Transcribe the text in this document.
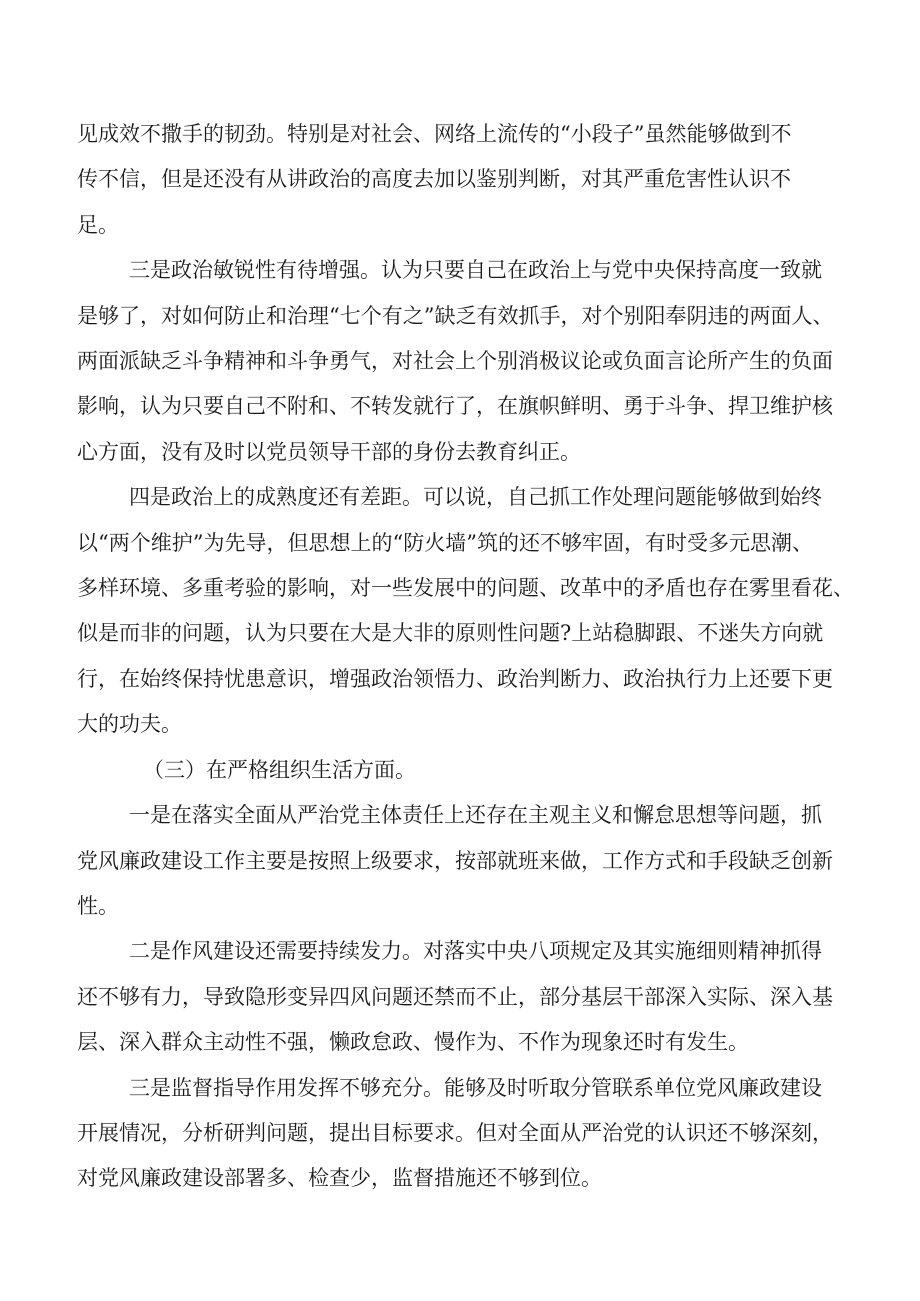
见成效不撒手的韧劲。特别是对社会、网络上流传的“小段子”虽然能够做到不
传不信，但是还没有从讲政治的高度去加以鉴别判断，对其严重危害性认识不
足。
三是政治敏锐性有待增强。认为只要自己在政治上与党中央保持高度一致就
是够了，对如何防止和治理“七个有之”缺乏有效抓手，对个别阳奉阴违的两面人、
两面派缺乏斗争精神和斗争勇气，对社会上个别消极议论或负面言论所产生的负面
影响，认为只要自己不附和、不转发就行了，在旗帜鲜明、勇于斗争、捍卫维护核
心方面，没有及时以党员领导干部的身份去教育纠正。
四是政治上的成熟度还有差距。可以说，自己抓工作处理问题能够做到始终
以“两个维护”为先导，但思想上的“防火墙”筑的还不够牢固，有时受多元思潮、
多样环境、多重考验的影响，对一些发展中的问题、改革中的矛盾也存在雾里看花、
似是而非的问题，认为只要在大是大非的原则性问题?上站稳脚跟、不迷失方向就
行，在始终保持忧患意识，增强政治领悟力、政治判断力、政治执行力上还要下更
大的功夫。
（三）在严格组织生活方面。
一是在落实全面从严治党主体责任上还存在主观主义和懈怠思想等问题，抓
党风廉政建设工作主要是按照上级要求，按部就班来做，工作方式和手段缺乏创新
性。
二是作风建设还需要持续发力。对落实中央八项规定及其实施细则精神抓得
还不够有力，导致隐形变异四风问题还禁而不止，部分基层干部深入实际、深入基
层、深入群众主动性不强，懒政怠政、慢作为、不作为现象还时有发生。
三是监督指导作用发挥不够充分。能够及时听取分管联系单位党风廉政建设
开展情况，分析研判问题，提出目标要求。但对全面从严治党的认识还不够深刻，
对党风廉政建设部署多、检查少，监督措施还不够到位。
